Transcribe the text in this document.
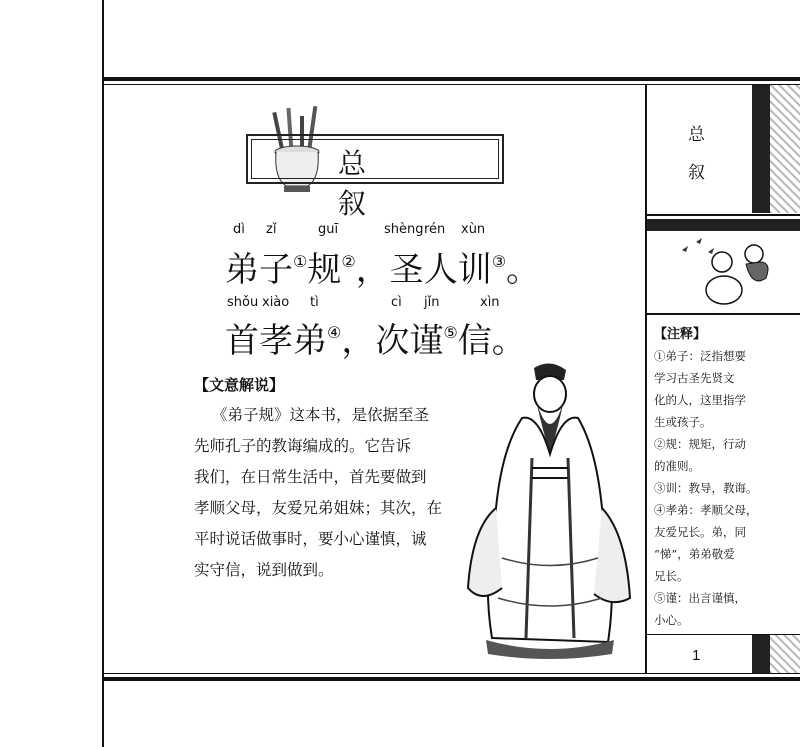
总 叙
dì zǐ	guī	shèng rén xùn
弟子①规②，圣人训③。
shǒu xiào tì	cì jǐn	xìn
首孝弟④，次谨⑤信。
【文意解说】
《弟子规》这本书，是依据至圣
先师孔子的教诲编成的。它告诉
我们，在日常生活中，首先要做到
孝顺父母，友爱兄弟姐妹；其次，在
平时说话做事时，要小心谨慎，诚
实守信，说到做到。
总
叙
【注释】
①弟子：泛指想要
学习古圣先贤文
化的人，这里指学
生或孩子。
②规：规矩，行动
的准则。
③训：教导，教诲。
④孝弟：孝顺父母，
友爱兄长。弟，同
“悌”，弟弟敬爱
兄长。
⑤谨：出言谨慎，
小心。
1
